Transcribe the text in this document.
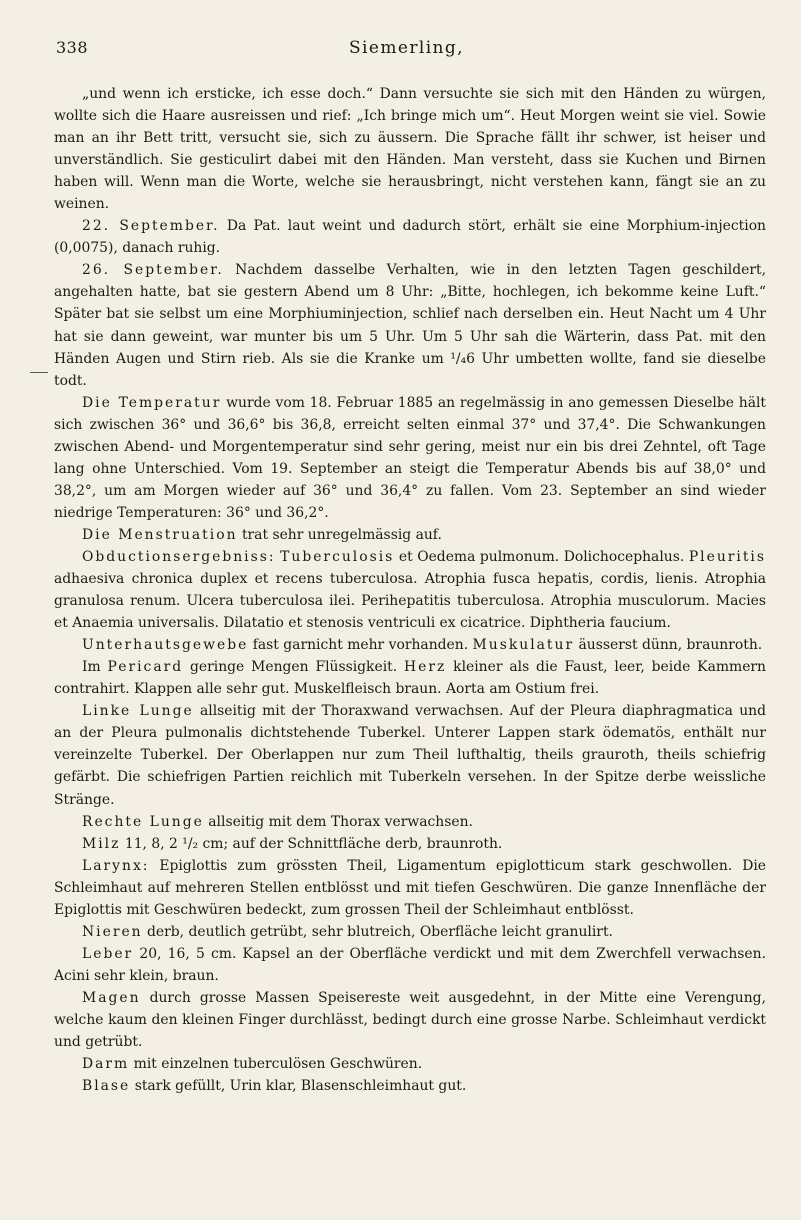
338	Siemerling,

„und wenn ich ersticke, ich esse doch.“ Dann versuchte sie sich mit den Händen zu würgen, wollte sich die Haare ausreissen und rief: „Ich bringe mich um“. Heut Morgen weint sie viel. Sowie man an ihr Bett tritt, versucht sie, sich zu äussern. Die Sprache fällt ihr schwer, ist heiser und unverständlich. Sie gesticulirt dabei mit den Händen. Man versteht, dass sie Kuchen und Birnen haben will. Wenn man die Worte, welche sie herausbringt, nicht verstehen kann, fängt sie an zu weinen.

22. September. Da Pat. laut weint und dadurch stört, erhält sie eine Morphium-injection (0,0075), danach ruhig.

26. September. Nachdem dasselbe Verhalten, wie in den letzten Tagen geschildert, angehalten hatte, bat sie gestern Abend um 8 Uhr: „Bitte, hochlegen, ich bekomme keine Luft.“ Später bat sie selbst um eine Morphiuminjection, schlief nach derselben ein. Heut Nacht um 4 Uhr hat sie dann geweint, war munter bis um 5 Uhr. Um 5 Uhr sah die Wärterin, dass Pat. mit den Händen Augen und Stirn rieb. Als sie die Kranke um ¹/₄6 Uhr umbetten wollte, fand sie dieselbe todt.

Die Temperatur wurde vom 18. Februar 1885 an regelmässig in ano gemessen Dieselbe hält sich zwischen 36° und 36,6° bis 36,8, erreicht selten einmal 37° und 37,4°. Die Schwankungen zwischen Abend- und Morgentemperatur sind sehr gering, meist nur ein bis drei Zehntel, oft Tage lang ohne Unterschied. Vom 19. September an steigt die Temperatur Abends bis auf 38,0° und 38,2°, um am Morgen wieder auf 36° und 36,4° zu fallen. Vom 23. September an sind wieder niedrige Temperaturen: 36° und 36,2°.

Die Menstruation trat sehr unregelmässig auf.

Obductionsergebniss: Tuberculosis et Oedema pulmonum. Dolichocephalus. Pleuritis adhaesiva chronica duplex et recens tuberculosa. Atrophia fusca hepatis, cordis, lienis. Atrophia granulosa renum. Ulcera tuberculosa ilei. Perihepatitis tuberculosa. Atrophia musculorum. Macies et Anaemia universalis. Dilatatio et stenosis ventriculi ex cicatrice. Diphtheria faucium.

Unterhautsgewebe fast garnicht mehr vorhanden. Muskulatur äusserst dünn, braunroth.

Im Pericard geringe Mengen Flüssigkeit. Herz kleiner als die Faust, leer, beide Kammern contrahirt. Klappen alle sehr gut. Muskelfleisch braun. Aorta am Ostium frei.

Linke Lunge allseitig mit der Thoraxwand verwachsen. Auf der Pleura diaphragmatica und an der Pleura pulmonalis dichtstehende Tuberkel. Unterer Lappen stark ödematös, enthält nur vereinzelte Tuberkel. Der Oberlappen nur zum Theil lufthaltig, theils grauroth, theils schiefrig gefärbt. Die schiefrigen Partien reichlich mit Tuberkeln versehen. In der Spitze derbe weissliche Stränge.

Rechte Lunge allseitig mit dem Thorax verwachsen.

Milz 11, 8, 2 ¹/₂ cm; auf der Schnittfläche derb, braunroth.

Larynx: Epiglottis zum grössten Theil, Ligamentum epiglotticum stark geschwollen. Die Schleimhaut auf mehreren Stellen entblösst und mit tiefen Geschwüren. Die ganze Innenfläche der Epiglottis mit Geschwüren bedeckt, zum grossen Theil der Schleimhaut entblösst.

Nieren derb, deutlich getrübt, sehr blutreich, Oberfläche leicht granulirt.

Leber 20, 16, 5 cm. Kapsel an der Oberfläche verdickt und mit dem Zwerchfell verwachsen. Acini sehr klein, braun.

Magen durch grosse Massen Speisereste weit ausgedehnt, in der Mitte eine Verengung, welche kaum den kleinen Finger durchlässt, bedingt durch eine grosse Narbe. Schleimhaut verdickt und getrübt.

Darm mit einzelnen tuberculösen Geschwüren.

Blase stark gefüllt, Urin klar, Blasenschleimhaut gut.
